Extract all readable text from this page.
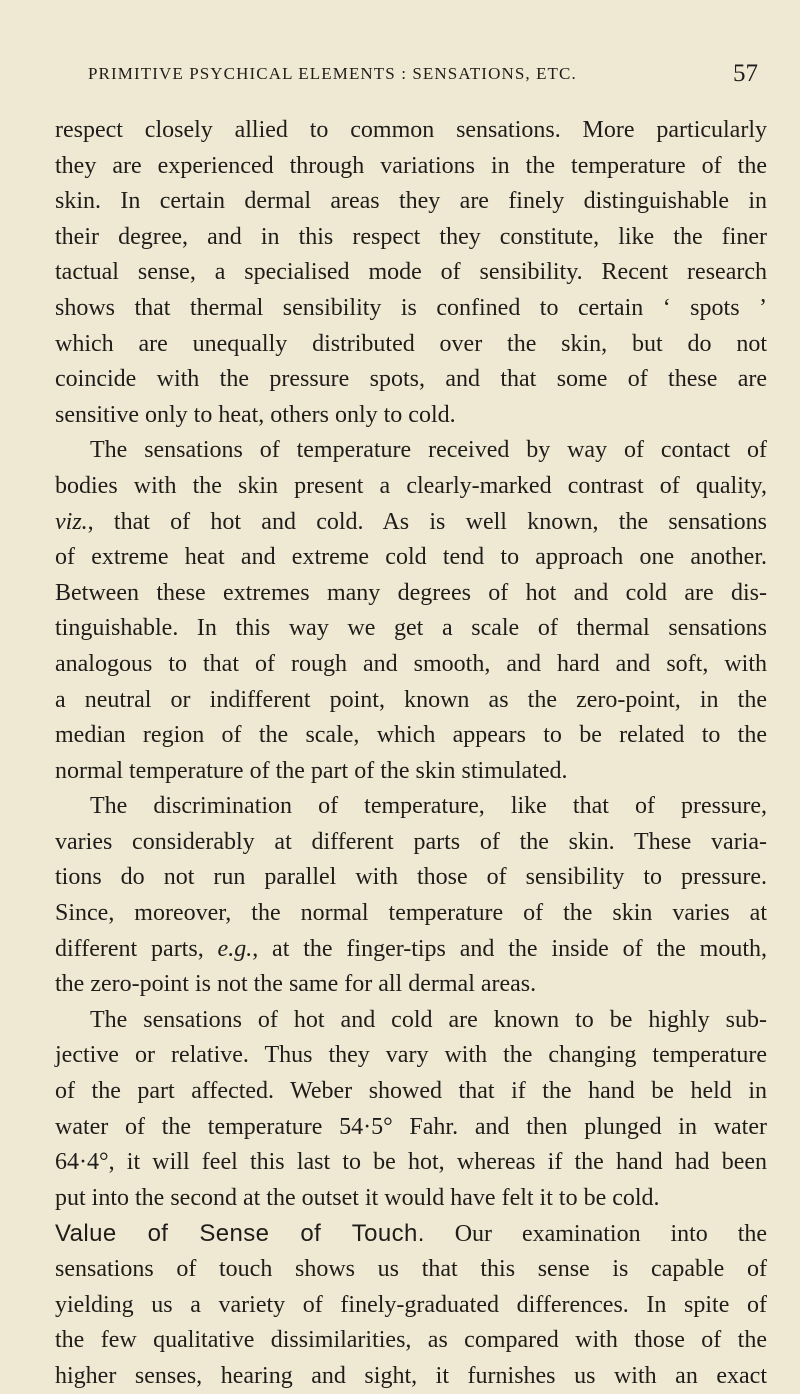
PRIMITIVE PSYCHICAL ELEMENTS : SENSATIONS, ETC.	57
respect closely allied to common sensations. More particularly
they are experienced through variations in the temperature of the
skin. In certain dermal areas they are finely distinguishable in
their degree, and in this respect they constitute, like the finer
tactual sense, a specialised mode of sensibility. Recent research
shows that thermal sensibility is confined to certain ‘ spots ’
which are unequally distributed over the skin, but do not
coincide with the pressure spots, and that some of these are
sensitive only to heat, others only to cold.
The sensations of temperature received by way of contact of
bodies with the skin present a clearly-marked contrast of quality,
viz., that of hot and cold. As is well known, the sensations
of extreme heat and extreme cold tend to approach one another.
Between these extremes many degrees of hot and cold are dis-
tinguishable. In this way we get a scale of thermal sensations
analogous to that of rough and smooth, and hard and soft, with
a neutral or indifferent point, known as the zero-point, in the
median region of the scale, which appears to be related to the
normal temperature of the part of the skin stimulated.
The discrimination of temperature, like that of pressure,
varies considerably at different parts of the skin. These varia-
tions do not run parallel with those of sensibility to pressure.
Since, moreover, the normal temperature of the skin varies at
different parts, e.g., at the finger-tips and the inside of the mouth,
the zero-point is not the same for all dermal areas.
The sensations of hot and cold are known to be highly sub-
jective or relative. Thus they vary with the changing temperature
of the part affected. Weber showed that if the hand be held in
water of the temperature 54·5° Fahr. and then plunged in water
64·4°, it will feel this last to be hot, whereas if the hand had been
put into the second at the outset it would have felt it to be cold.
Value of Sense of Touch. Our examination into the
sensations of touch shows us that this sense is capable of
yielding us a variety of finely-graduated differences. In spite of
the few qualitative dissimilarities, as compared with those of the
higher senses, hearing and sight, it furnishes us with an exact
